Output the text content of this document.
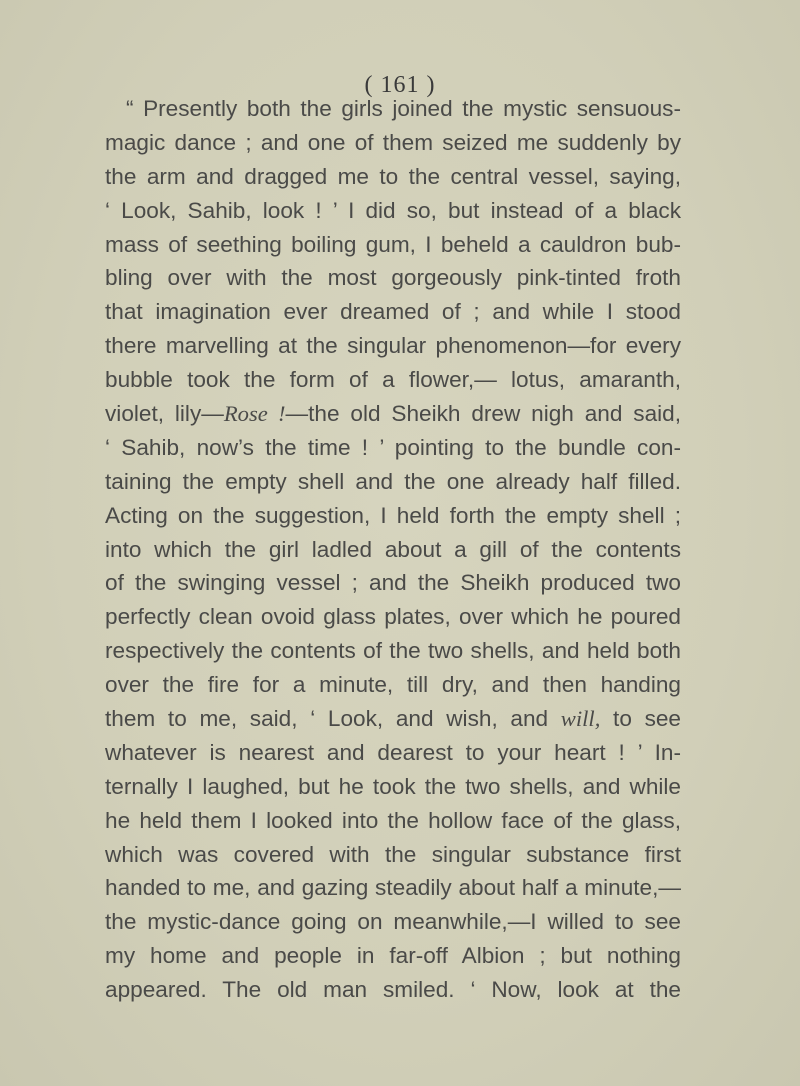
( 161 )
“ Presently both the girls joined the mystic sensuous-
magic dance ; and one of them seized me suddenly by
the arm and dragged me to the central vessel, saying,
‘ Look, Sahib, look ! ’ I did so, but instead of a black
mass of seething boiling gum, I beheld a cauldron bub-
bling over with the most gorgeously pink-tinted froth
that imagination ever dreamed of ; and while I stood
there marvelling at the singular phenomenon—for every
bubble took the form of a flower,— lotus, amaranth,
violet, lily—Rose !—the old Sheikh drew nigh and said,
‘ Sahib, now’s the time ! ’ pointing to the bundle con-
taining the empty shell and the one already half filled.
Acting on the suggestion, I held forth the empty shell ;
into which the girl ladled about a gill of the contents
of the swinging vessel ; and the Sheikh produced two
perfectly clean ovoid glass plates, over which he poured
respectively the contents of the two shells, and held both
over the fire for a minute, till dry, and then handing
them to me, said, ‘ Look, and wish, and will, to see
whatever is nearest and dearest to your heart ! ’ In-
ternally I laughed, but he took the two shells, and while
he held them I looked into the hollow face of the glass,
which was covered with the singular substance first
handed to me, and gazing steadily about half a minute,—
the mystic-dance going on meanwhile,—I willed to see
my home and people in far-off Albion ; but nothing
appeared. The old man smiled. ‘ Now, look at the
